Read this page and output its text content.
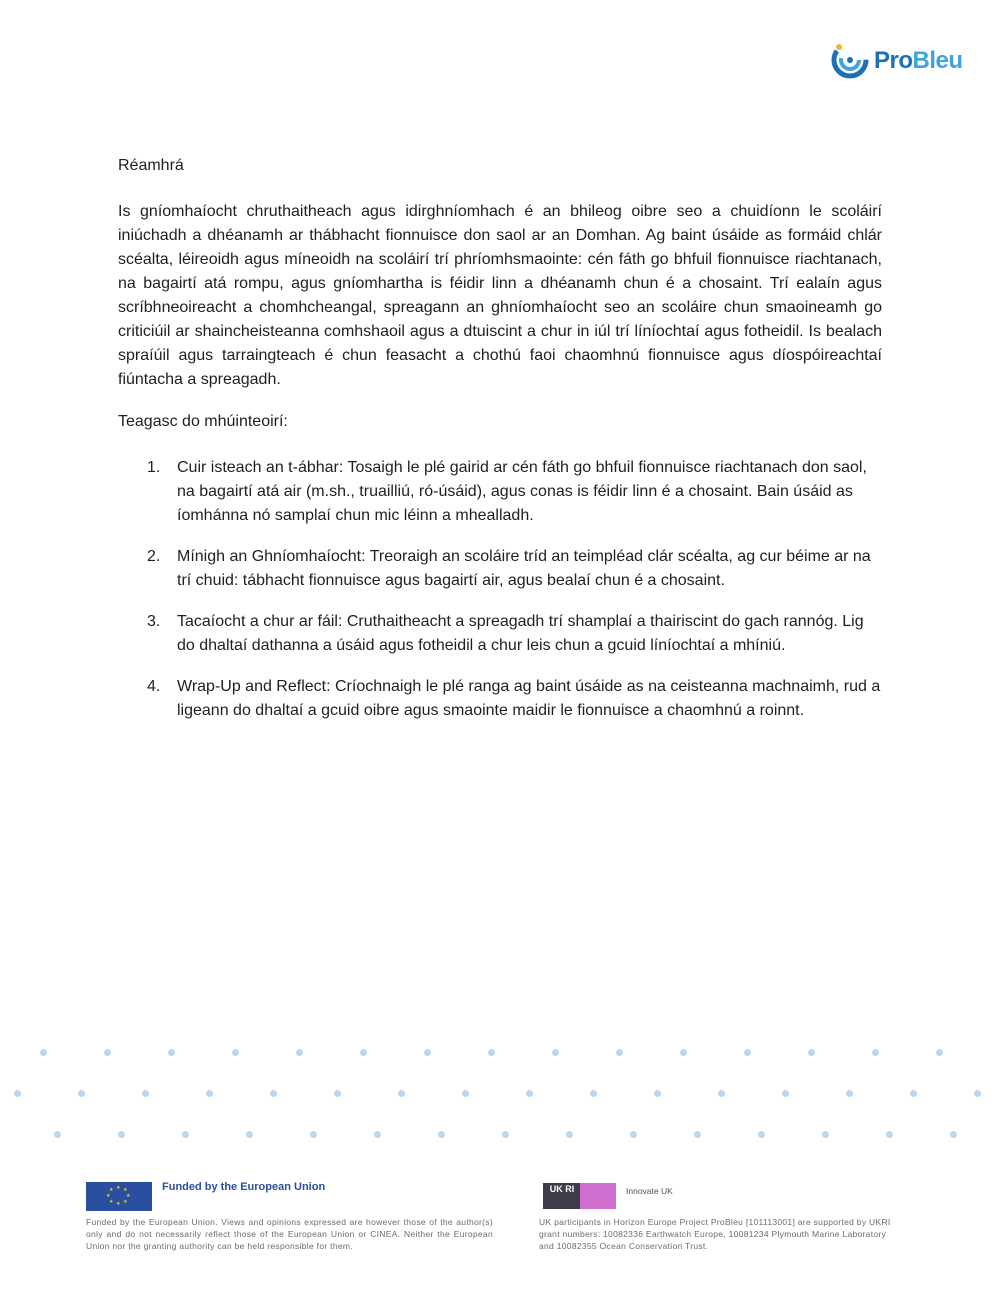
ProBleu

Réamhrá

Is gníomhaíocht chruthaitheach agus idirghníomhach é an bhileog oibre seo a chuidíonn le scoláirí iniúchadh a dhéanamh ar thábhacht fionnuisce don saol ar an Domhan. Ag baint úsáide as formáid chlár scéalta, léireoidh agus míneoidh na scoláirí trí phríomhsmaointe: cén fáth go bhfuil fionnuisce riachtanach, na bagairtí atá rompu, agus gníomhartha is féidir linn a dhéanamh chun é a chosaint. Trí ealaín agus scríbhneoireacht a chomhcheangal, spreagann an ghníomhaíocht seo an scoláire chun smaoineamh go criticiúil ar shaincheisteanna comhshaoil agus a dtuiscint a chur in iúl trí líníochtaí agus fotheidil. Is bealach spraíúil agus tarraingteach é chun feasacht a chothú faoi chaomhnú fionnuisce agus díospóireachtaí fiúntacha a spreagadh.

Teagasc do mhúinteoirí:

1. Cuir isteach an t-ábhar: Tosaigh le plé gairid ar cén fáth go bhfuil fionnuisce riachtanach don saol, na bagairtí atá air (m.sh., truailliú, ró-úsáid), agus conas is féidir linn é a chosaint. Bain úsáid as íomhánna nó samplaí chun mic léinn a mhealladh.
2. Mínigh an Ghníomhaíocht: Treoraigh an scoláire tríd an teimpléad clár scéalta, ag cur béime ar na trí chuid: tábhacht fionnuisce agus bagairtí air, agus bealaí chun é a chosaint.
3. Tacaíocht a chur ar fáil: Cruthaitheacht a spreagadh trí shamplaí a thairiscint do gach rannóg. Lig do dhaltaí dathanna a úsáid agus fotheidil a chur leis chun a gcuid líníochtaí a mhíniú.
4. Wrap-Up and Reflect: Críochnaigh le plé ranga ag baint úsáide as na ceisteanna machnaimh, rud a ligeann do dhaltaí a gcuid oibre agus smaointe maidir le fionnuisce a chaomhnú a roinnt.
★ ★
★
★
★
★
★
★	Funded by the European Union
Funded by the European Union. Views and opinions expressed are however those of the author(s) only and do not necessarily reflect those of the European Union or CINEA. Neither the European Union nor the granting authority can be held responsible for them.
UK RI	Innovate UK
UK participants in Horizon Europe Project ProBleu [101113001] are supported by UKRI grant numbers: 10082336 Earthwatch Europe, 10081234 Plymouth Marine Laboratory and 10082355 Ocean Conservation Trust.
